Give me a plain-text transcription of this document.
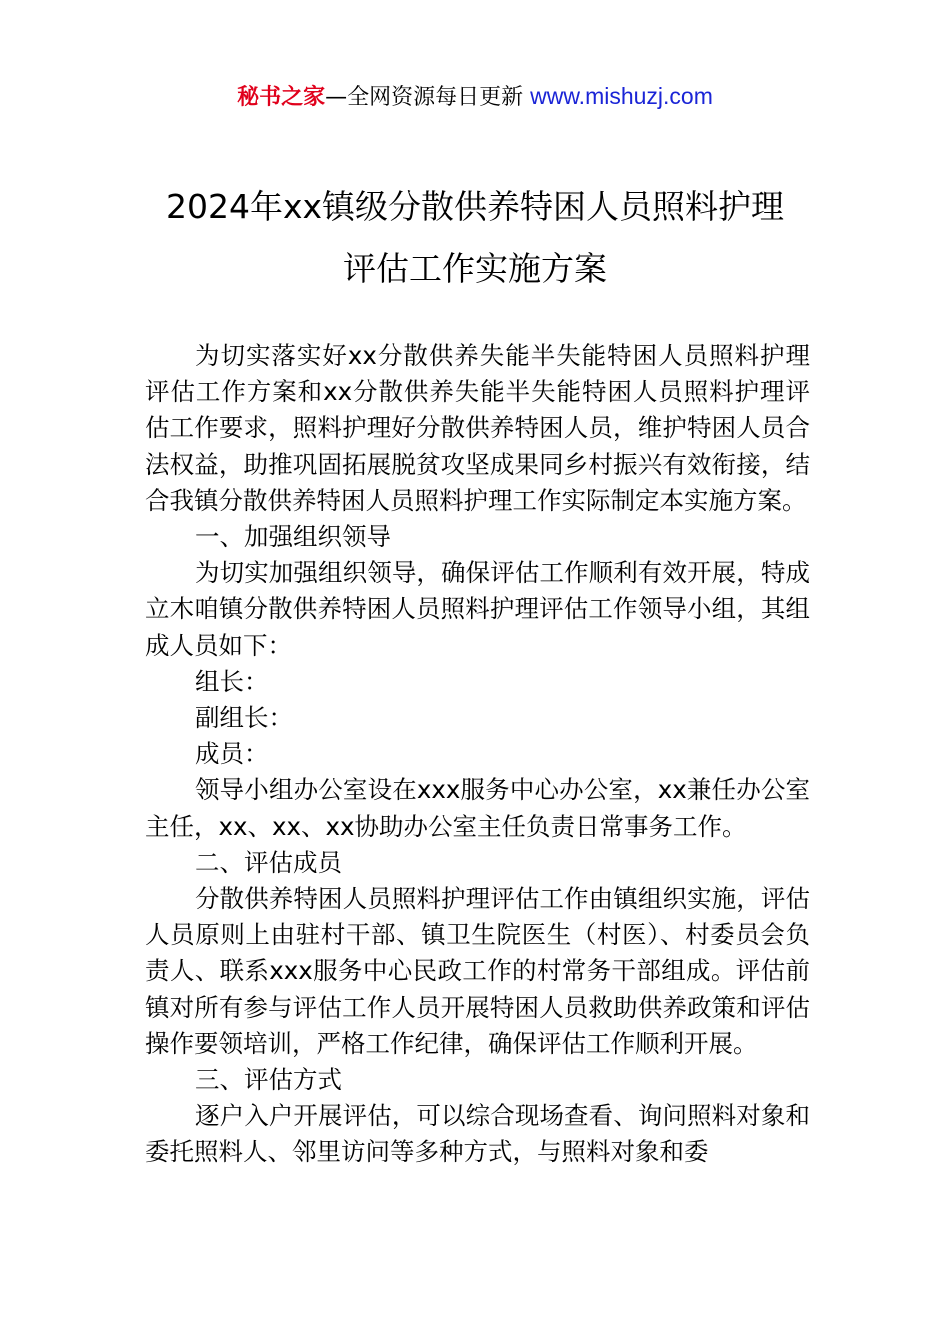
秘书之家—全网资源每日更新 www.mishuzj.com
2024年xx镇级分散供养特困人员照料护理
评估工作实施方案

为切实落实好xx分散供养失能半失能特困人员照料护理评估工作方案和xx分散供养失能半失能特困人员照料护理评估工作要求，照料护理好分散供养特困人员，维护特困人员合法权益，助推巩固拓展脱贫攻坚成果同乡村振兴有效衔接，结合我镇分散供养特困人员照料护理工作实际制定本实施方案。

一、加强组织领导

为切实加强组织领导，确保评估工作顺利有效开展，特成立木咱镇分散供养特困人员照料护理评估工作领导小组，其组成人员如下：

组长：

副组长：

成员：

领导小组办公室设在xxx服务中心办公室，xx兼任办公室主任，xx、xx、xx协助办公室主任负责日常事务工作。

二、评估成员

分散供养特困人员照料护理评估工作由镇组织实施，评估人员原则上由驻村干部、镇卫生院医生（村医）、村委员会负责人、联系xxx服务中心民政工作的村常务干部组成。评估前镇对所有参与评估工作人员开展特困人员救助供养政策和评估操作要领培训，严格工作纪律，确保评估工作顺利开展。

三、评估方式

逐户入户开展评估，可以综合现场查看、询问照料对象和委托照料人、邻里访问等多种方式，与照料对象和委
